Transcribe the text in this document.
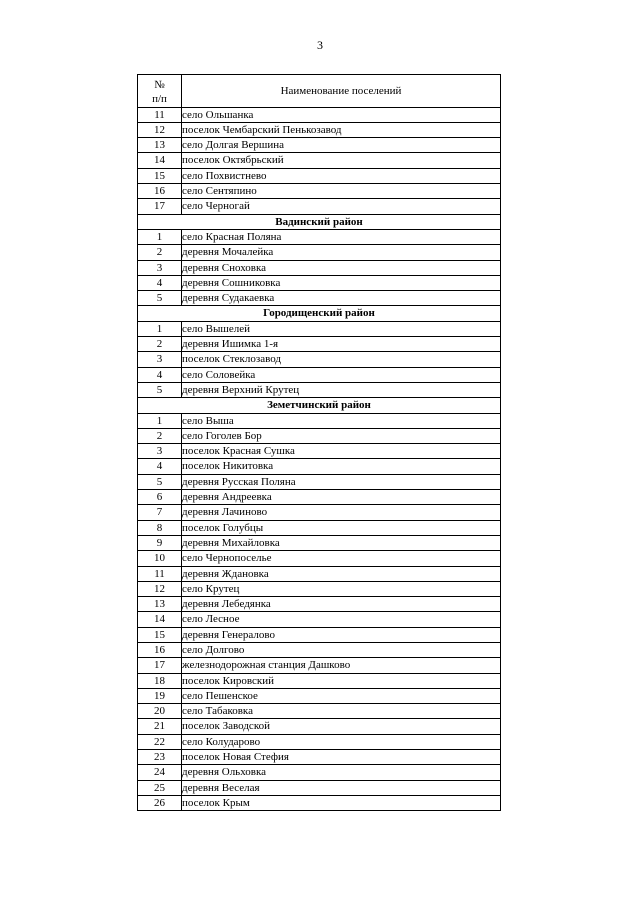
3
№
п/п	Наименование поселений
11	село Ольшанка
12	поселок Чембарский Пенькозавод
13	село Долгая Вершина
14	поселок Октябрьский
15	село Похвистнево
16	село Сентяпино
17	село Черногай
Вадинский район	
1	село Красная Поляна
2	деревня Мочалейка
3	деревня Сноховка
4	деревня Сошниковка
5	деревня Судакаевка
Городищенский район	
1	село Вышелей
2	деревня Ишимка 1-я
3	поселок Стеклозавод
4	село Соловейка
5	деревня Верхний Крутец
Земетчинский район	
1	село Выша
2	село Гоголев Бор
3	поселок Красная Сушка
4	поселок Никитовка
5	деревня Русская Поляна
6	деревня Андреевка
7	деревня Лачиново
8	поселок Голубцы
9	деревня Михайловка
10	село Чернопоселье
11	деревня Ждановка
12	село Крутец
13	деревня Лебедянка
14	село Лесное
15	деревня Генералово
16	село Долгово
17	железнодорожная станция Дашково
18	поселок Кировский
19	село Пешенское
20	село Табаковка
21	поселок Заводской
22	село Колударово
23	поселок Новая Стефия
24	деревня Ольховка
25	деревня Веселая
26	поселок Крым
